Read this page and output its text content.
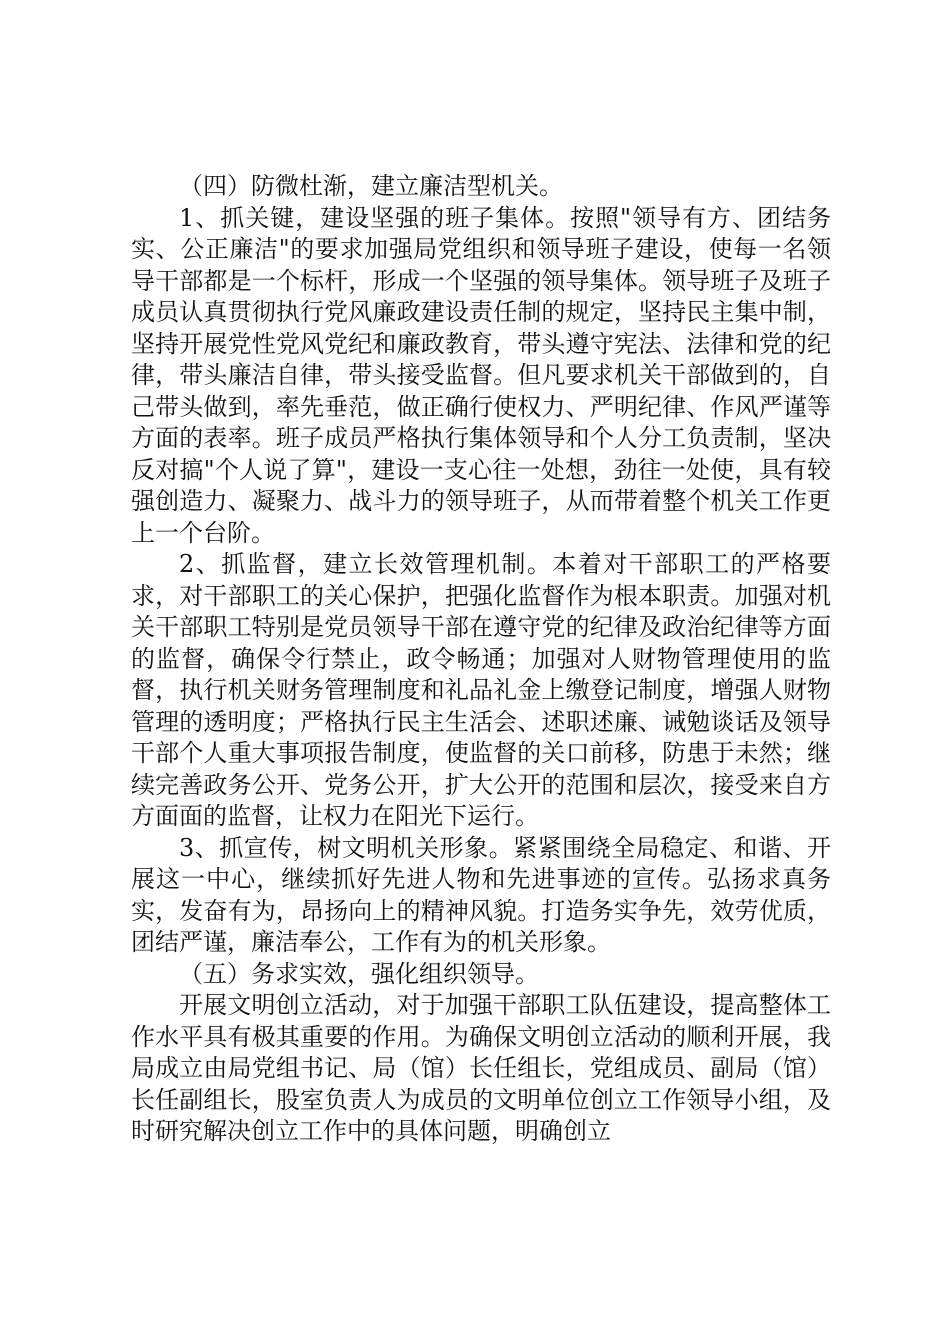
（四）防微杜渐，建立廉洁型机关。

1、抓关键，建设坚强的班子集体。按照"领导有方、团结务实、公正廉洁"的要求加强局党组织和领导班子建设，使每一名领导干部都是一个标杆，形成一个坚强的领导集体。领导班子及班子成员认真贯彻执行党风廉政建设责任制的规定，坚持民主集中制，坚持开展党性党风党纪和廉政教育，带头遵守宪法、法律和党的纪律，带头廉洁自律，带头接受监督。但凡要求机关干部做到的，自己带头做到，率先垂范，做正确行使权力、严明纪律、作风严谨等方面的表率。班子成员严格执行集体领导和个人分工负责制，坚决反对搞"个人说了算"，建设一支心往一处想，劲往一处使，具有较强创造力、凝聚力、战斗力的领导班子，从而带着整个机关工作更上一个台阶。

2、抓监督，建立长效管理机制。本着对干部职工的严格要求，对干部职工的关心保护，把强化监督作为根本职责。加强对机关干部职工特别是党员领导干部在遵守党的纪律及政治纪律等方面的监督，确保令行禁止，政令畅通；加强对人财物管理使用的监督，执行机关财务管理制度和礼品礼金上缴登记制度，增强人财物管理的透明度；严格执行民主生活会、述职述廉、诫勉谈话及领导干部个人重大事项报告制度，使监督的关口前移，防患于未然；继续完善政务公开、党务公开，扩大公开的范围和层次，接受来自方方面面的监督，让权力在阳光下运行。

3、抓宣传，树文明机关形象。紧紧围绕全局稳定、和谐、开展这一中心，继续抓好先进人物和先进事迹的宣传。弘扬求真务实，发奋有为，昂扬向上的精神风貌。打造务实争先，效劳优质，团结严谨，廉洁奉公，工作有为的机关形象。

（五）务求实效，强化组织领导。

开展文明创立活动，对于加强干部职工队伍建设，提高整体工作水平具有极其重要的作用。为确保文明创立活动的顺利开展，我局成立由局党组书记、局（馆）长任组长，党组成员、副局（馆）长任副组长，股室负责人为成员的文明单位创立工作领导小组，及时研究解决创立工作中的具体问题，明确创立
